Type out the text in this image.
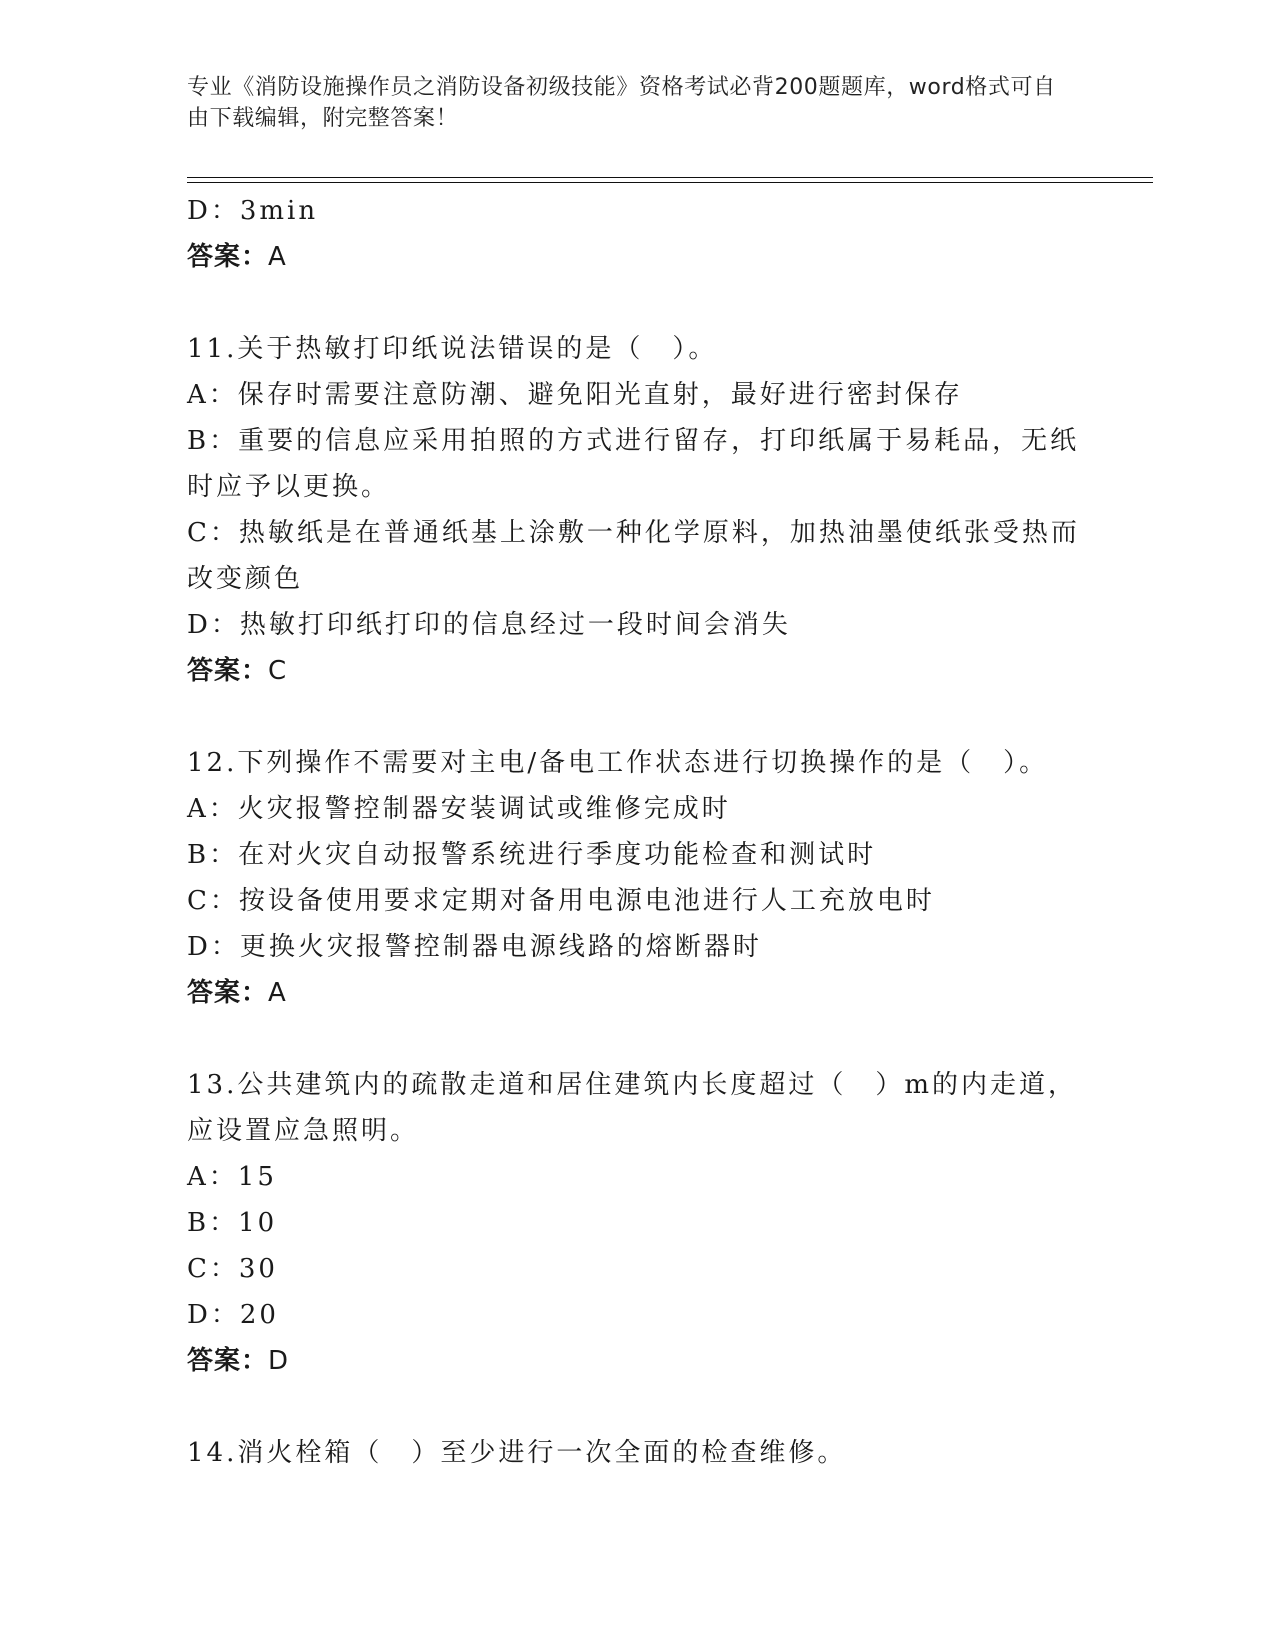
专业《消防设施操作员之消防设备初级技能》资格考试必背200题题库，word格式可自由下载编辑，附完整答案！

D：3min

答案：A

11.关于热敏打印纸说法错误的是（　）。

A：保存时需要注意防潮、避免阳光直射，最好进行密封保存

B：重要的信息应采用拍照的方式进行留存，打印纸属于易耗品，无纸时应予以更换。

C：热敏纸是在普通纸基上涂敷一种化学原料，加热油墨使纸张受热而改变颜色

D：热敏打印纸打印的信息经过一段时间会消失

答案：C

12.下列操作不需要对主电/备电工作状态进行切换操作的是（　）。

A：火灾报警控制器安装调试或维修完成时

B：在对火灾自动报警系统进行季度功能检查和测试时

C：按设备使用要求定期对备用电源电池进行人工充放电时

D：更换火灾报警控制器电源线路的熔断器时

答案：A

13.公共建筑内的疏散走道和居住建筑内长度超过（　）m的内走道，应设置应急照明。

A：15

B：10

C：30

D：20

答案：D

14.消火栓箱（　）至少进行一次全面的检查维修。
